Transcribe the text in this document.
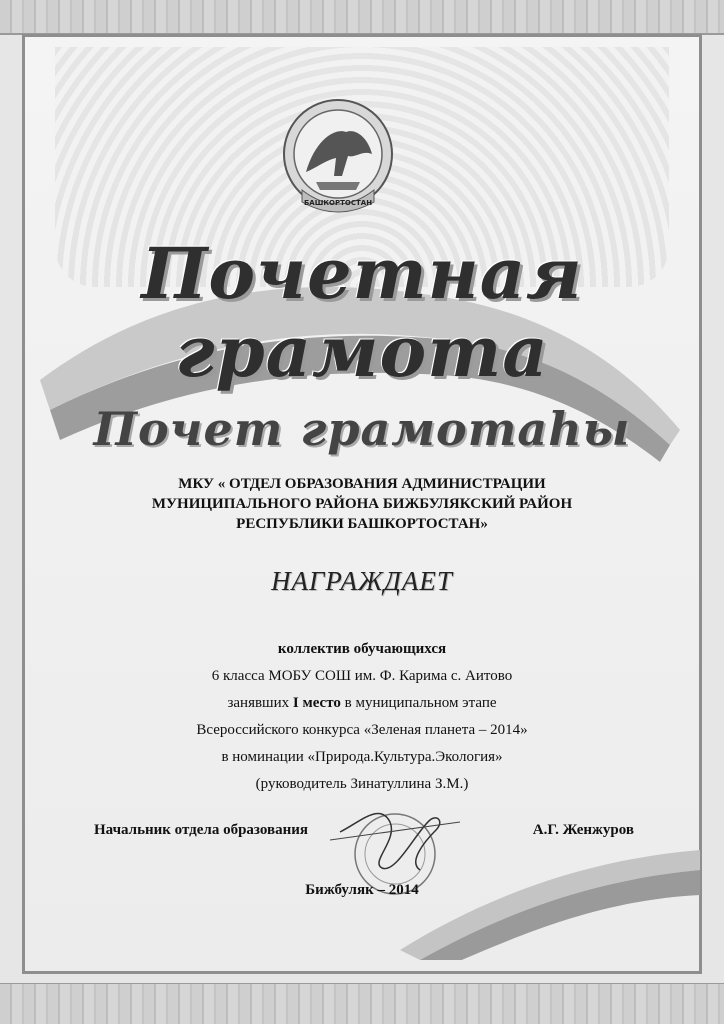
БАШКОРТОСТАН
Почетная
грамота
Почет грамотаһы
МКУ « ОТДЕЛ ОБРАЗОВАНИЯ АДМИНИСТРАЦИИ
МУНИЦИПАЛЬНОГО РАЙОНА БИЖБУЛЯКСКИЙ РАЙОН
РЕСПУБЛИКИ БАШКОРТОСТАН»
НАГРАЖДАЕТ
коллектив обучающихся
6 класса МОБУ СОШ им. Ф. Карима с. Аитово
занявших I место в муниципальном этапе
Всероссийского конкурса «Зеленая планета – 2014»
в номинации «Природа.Культура.Экология»
(руководитель Зинатуллина З.М.)
Начальник отдела образования	А.Г. Женжуров
Бижбуляк – 2014
